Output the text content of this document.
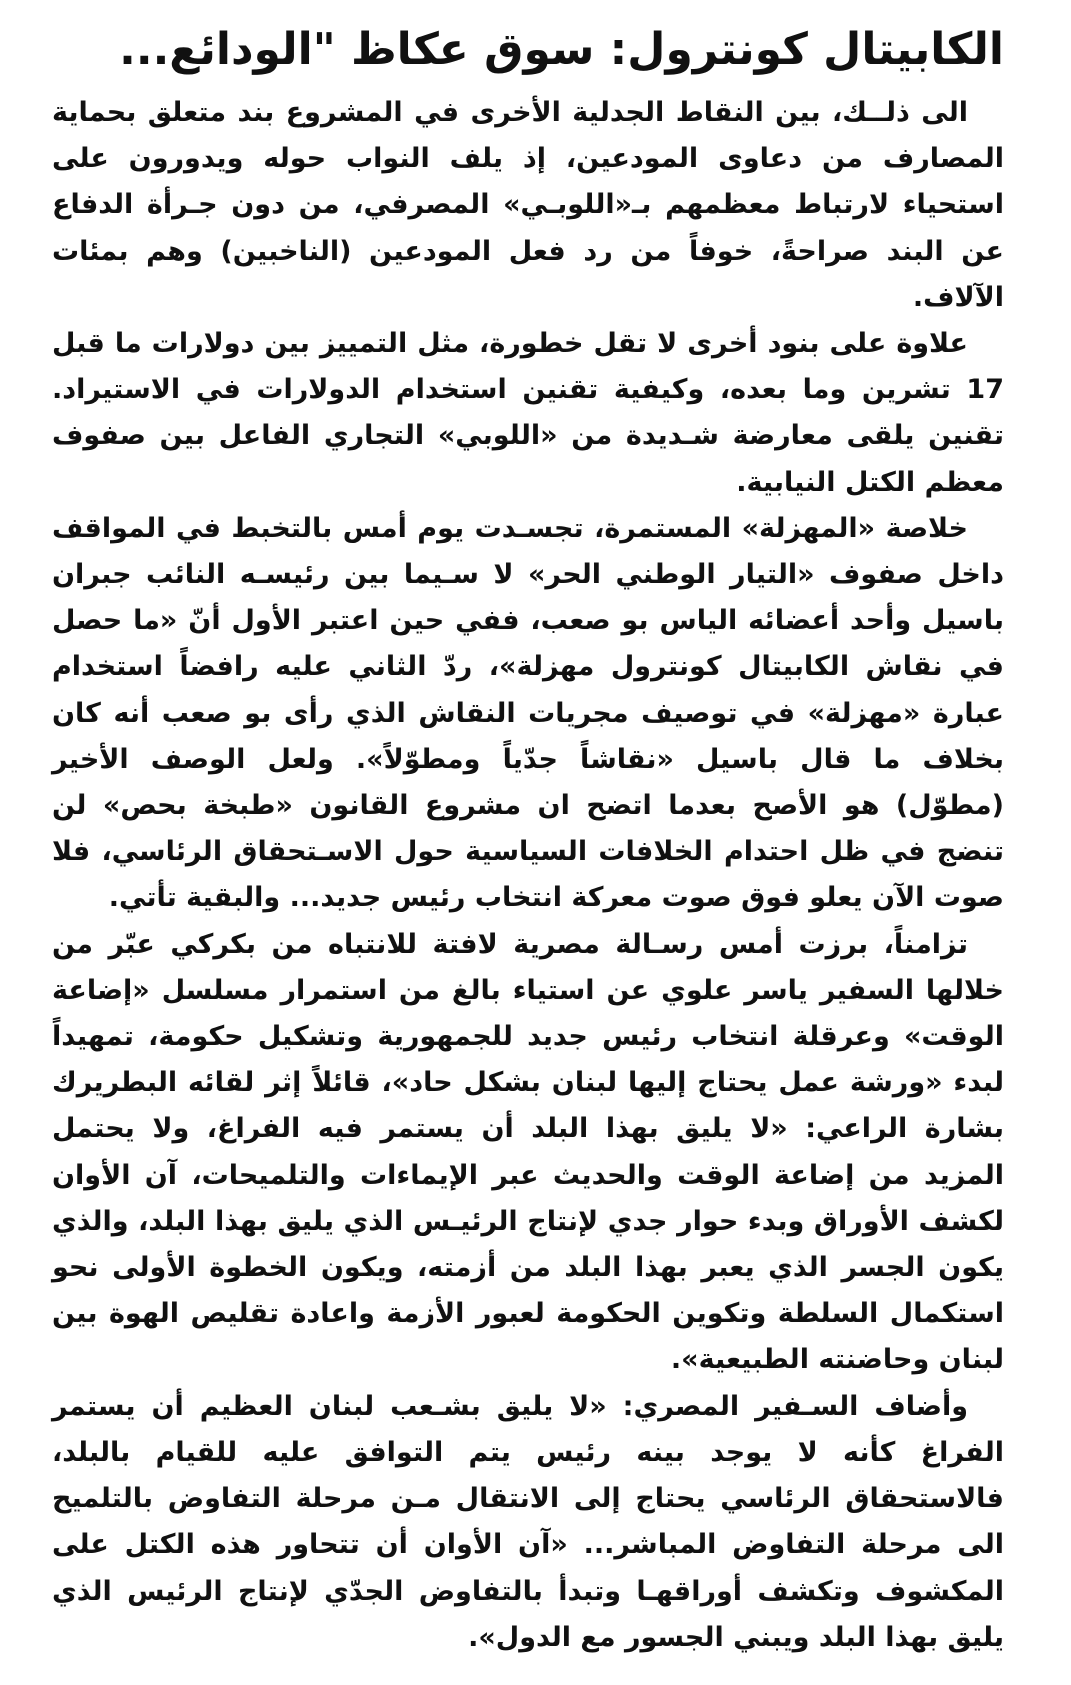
الكابيتال كونترول: سوق عكاظ "الودائع...

الى ذلــك، بين النقاط الجدلية الأخرى في المشروع بند متعلق بحماية المصارف من دعاوى المودعين، إذ يلف النواب حوله ويدورون على استحياء لارتباط معظمهم بـ«اللوبـي» المصرفي، من دون جـرأة الدفاع عن البند صراحةً، خوفاً من رد فعل المودعين (الناخبين) وهم بمئات الآلاف.

علاوة على بنود أخرى لا تقل خطورة، مثل التمييز بين دولارات ما قبل 17 تشرين وما بعده، وكيفية تقنين استخدام الدولارات في الاستيراد. تقنين يلقى معارضة شـديدة من «اللوبي» التجاري الفاعل بين صفوف معظم الكتل النيابية.

خلاصة «المهزلة» المستمرة، تجسـدت يوم أمس بالتخبط في المواقف داخل صفوف «التيار الوطني الحر» لا سـيما بين رئيسـه النائب جبران باسيل وأحد أعضائه الياس بو صعب، ففي حين اعتبر الأول أنّ «ما حصل في نقاش الكابيتال كونترول مهزلة»، ردّ الثاني عليه رافضاً استخدام عبارة «مهزلة» في توصيف مجريات النقاش الذي رأى بو صعب أنه كان بخلاف ما قال باسيل «نقاشاً جدّياً ومطوّلاً». ولعل الوصف الأخير (مطوّل) هو الأصح بعدما اتضح ان مشروع القانون «طبخة بحص» لن تنضج في ظل احتدام الخلافات السياسية حول الاسـتحقاق الرئاسي، فلا صوت الآن يعلو فوق صوت معركة انتخاب رئيس جديد... والبقية تأتي.

تزامناً، برزت أمس رسـالة مصرية لافتة للانتباه من بكركي عبّر من خلالها السفير ياسر علوي عن استياء بالغ من استمرار مسلسل «إضاعة الوقت» وعرقلة انتخاب رئيس جديد للجمهورية وتشكيل حكومة، تمهيداً لبدء «ورشة عمل يحتاج إليها لبنان بشكل حاد»، قائلاً إثر لقائه البطريرك بشارة الراعي: «لا يليق بهذا البلد أن يستمر فيه الفراغ، ولا يحتمل المزيد من إضاعة الوقت والحديث عبر الإيماءات والتلميحات، آن الأوان لكشف الأوراق وبدء حوار جدي لإنتاج الرئيـس الذي يليق بهذا البلد، والذي يكون الجسر الذي يعبر بهذا البلد من أزمته، ويكون الخطوة الأولى نحو استكمال السلطة وتكوين الحكومة لعبور الأزمة واعادة تقليص الهوة بين لبنان وحاضنته الطبيعية».

وأضاف السـفير المصري: «لا يليق بشـعب لبنان العظيم أن يستمر الفراغ كأنه لا يوجد بينه رئيس يتم التوافق عليه للقيام بالبلد، فالاستحقاق الرئاسي يحتاج إلى الانتقال مـن مرحلة التفاوض بالتلميح الى مرحلة التفاوض المباشر... «آن الأوان أن تتحاور هذه الكتل على المكشوف وتكشف أوراقهـا وتبدأ بالتفاوض الجدّي لإنتاج الرئيس الذي يليق بهذا البلد ويبني الجسور مع الدول».
